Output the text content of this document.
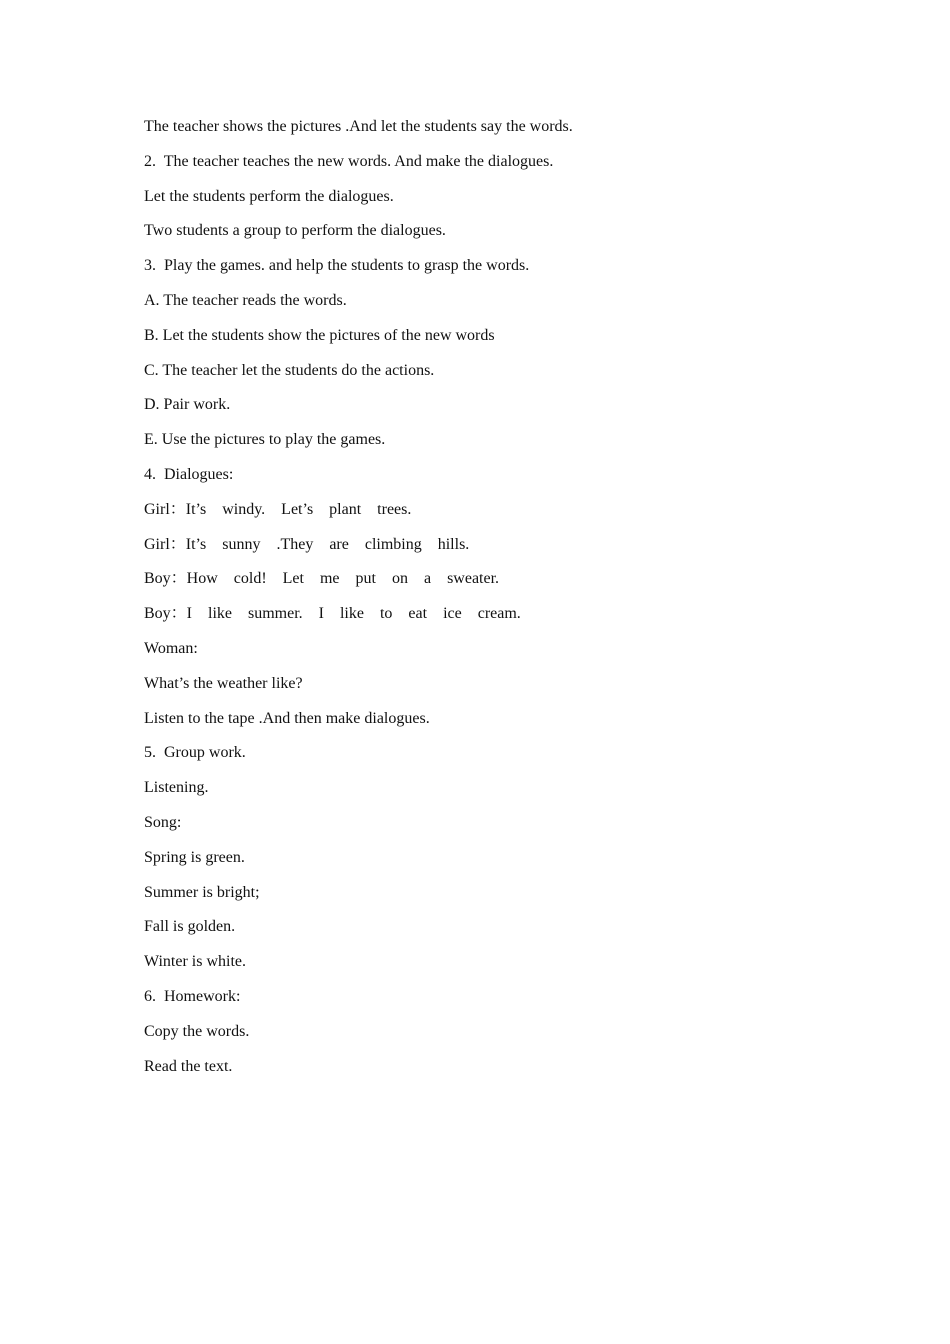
The teacher shows the pictures .And let the students say the words.
2.  The teacher teaches the new words. And make the dialogues.
Let the students perform the dialogues.
Two students a group to perform the dialogues.
3.  Play the games. and help the students to grasp the words.
A. The teacher reads the words.
B. Let the students show the pictures of the new words
C. The teacher let the students do the actions.
D. Pair work.
E. Use the pictures to play the games.
4.  Dialogues:
Girl：It’s  windy.  Let’s  plant  trees.
Girl：It’s  sunny  .They  are  climbing  hills.
Boy：How  cold!  Let  me  put  on  a  sweater.
Boy：I  like  summer.  I  like  to  eat  ice  cream.
Woman:
What’s the weather like?
Listen to the tape .And then make dialogues.
5.  Group work.
Listening.
Song:
Spring is green.
Summer is bright;
Fall is golden.
Winter is white.
6.  Homework:
Copy the words.
Read the text.
